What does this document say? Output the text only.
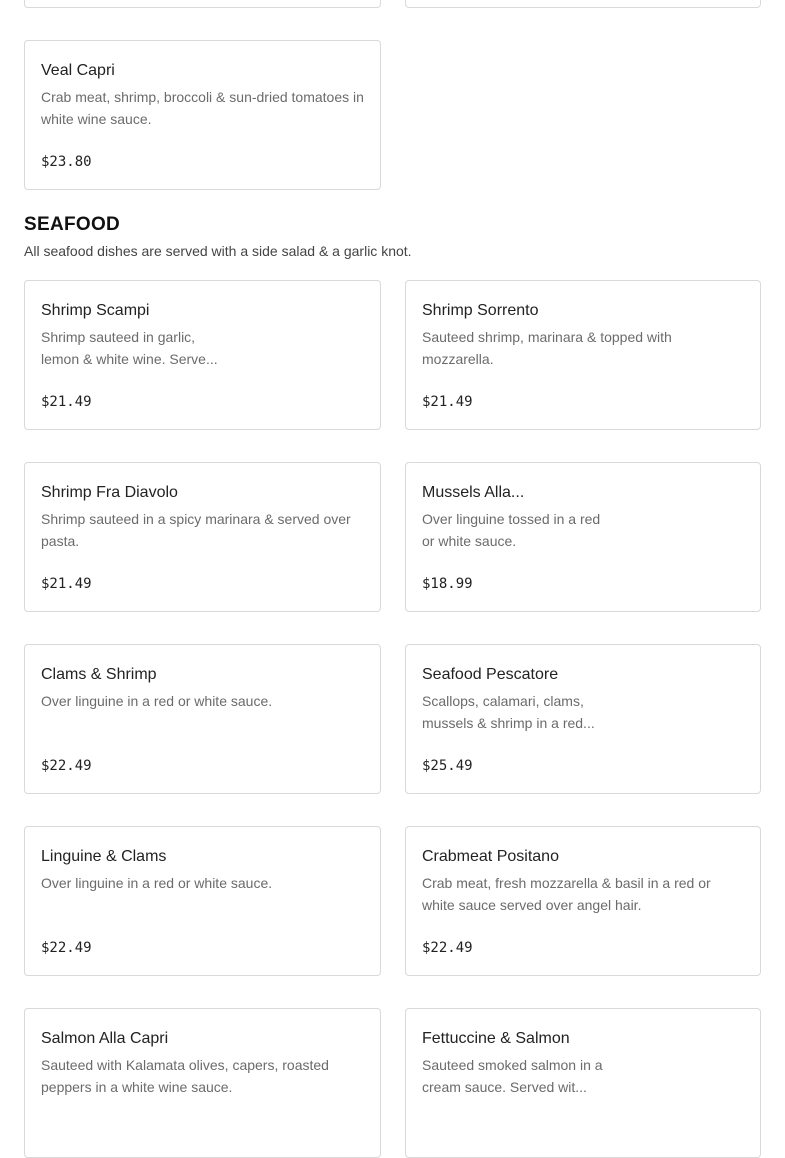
Veal Capri
Crab meat, shrimp, broccoli & sun-dried tomatoes in white wine sauce.
$23.80
SEAFOOD

All seafood dishes are served with a side salad & a garlic knot.

Shrimp Scampi
Shrimp sauteed in garlic, lemon & white wine. Serve...
$21.49
Shrimp Sorrento
Sauteed shrimp, marinara & topped with mozzarella.
$21.49
Shrimp Fra Diavolo
Shrimp sauteed in a spicy marinara & served over pasta.
$21.49
Mussels Alla...
Over linguine tossed in a red or white sauce.
$18.99
Clams & Shrimp
Over linguine in a red or white sauce.
$22.49
Seafood Pescatore
Scallops, calamari, clams, mussels & shrimp in a red...
$25.49
Linguine & Clams
Over linguine in a red or white sauce.
$22.49
Crabmeat Positano
Crab meat, fresh mozzarella & basil in a red or white sauce served over angel hair.
$22.49
Salmon Alla Capri
Sauteed with Kalamata olives, capers, roasted peppers in a white wine sauce.
Fettuccine & Salmon
Sauteed smoked salmon in a cream sauce. Served wit...
